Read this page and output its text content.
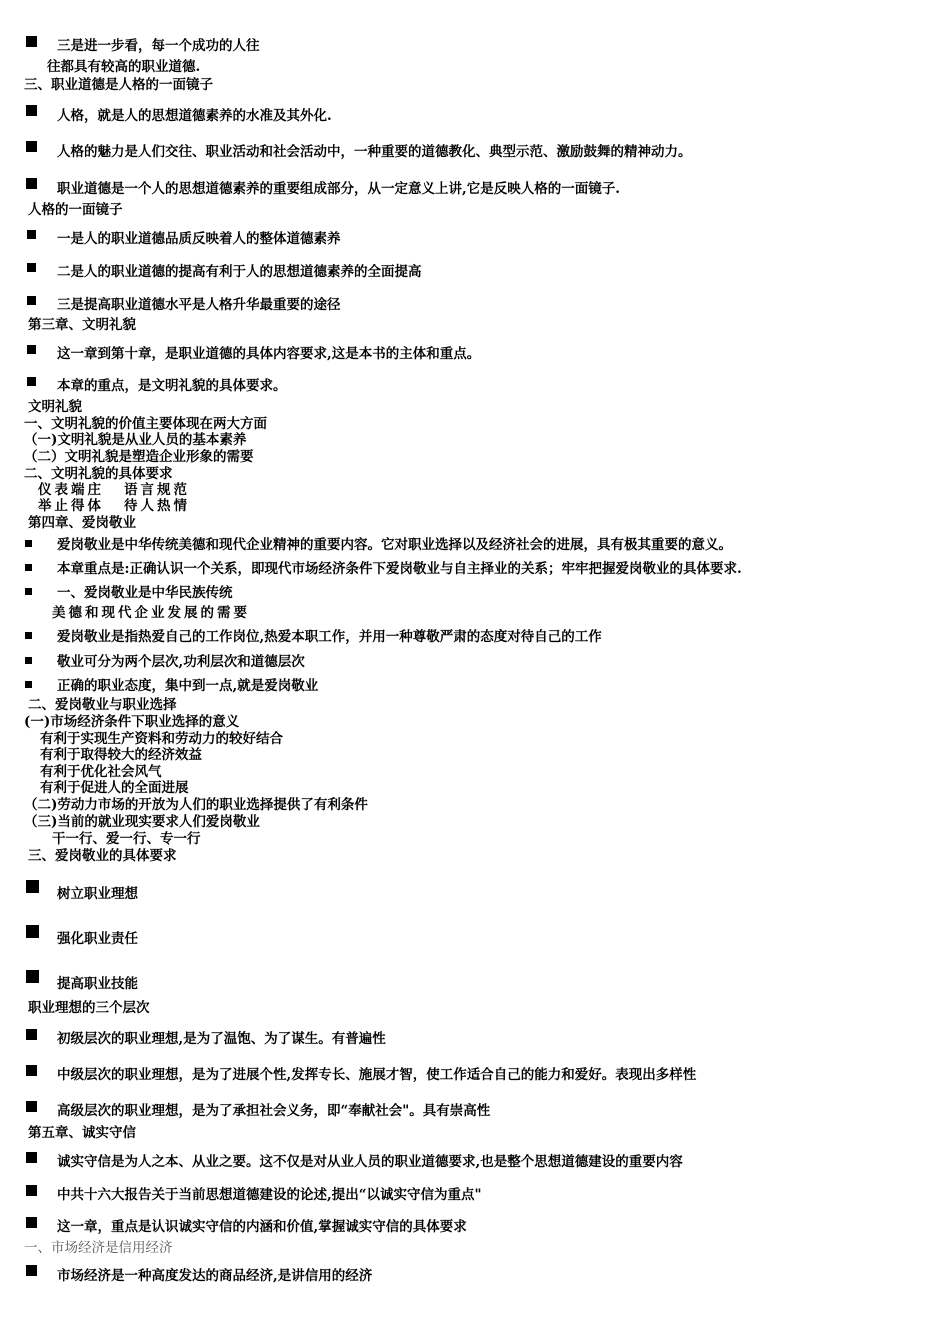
三是进一步看，每一个成功的人往
往都具有较高的职业道德.
三、职业道德是人格的一面镜子
人格，就是人的思想道德素养的水准及其外化.
人格的魅力是人们交往、职业活动和社会活动中，一种重要的道德教化、典型示范、激励鼓舞的精神动力。
职业道德是一个人的思想道德素养的重要组成部分，从一定意义上讲,它是反映人格的一面镜子.
人格的一面镜子
一是人的职业道德品质反映着人的整体道德素养
二是人的职业道德的提高有利于人的思想道德素养的全面提高
三是提高职业道德水平是人格升华最重要的途径
第三章、文明礼貌
这一章到第十章，是职业道德的具体内容要求,这是本书的主体和重点。
本章的重点，是文明礼貌的具体要求。
文明礼貌
一、文明礼貌的价值主要体现在两大方面
（一)文明礼貌是从业人员的基本素养
（二）文明礼貌是塑造企业形象的需要
二、文明礼貌的具体要求
仪表端庄 语言规范
举止得体 待人热情
第四章、爱岗敬业
爱岗敬业是中华传统美德和现代企业精神的重要内容。它对职业选择以及经济社会的进展，具有极其重要的意义。
本章重点是:正确认识一个关系，即现代市场经济条件下爱岗敬业与自主择业的关系；牢牢把握爱岗敬业的具体要求.
一、爱岗敬业是中华民族传统
美德和现代企业发展的需要
爱岗敬业是指热爱自己的工作岗位,热爱本职工作，并用一种尊敬严肃的态度对待自己的工作
敬业可分为两个层次,功利层次和道德层次
正确的职业态度，集中到一点,就是爱岗敬业
二、爱岗敬业与职业选择
(一)市场经济条件下职业选择的意义
有利于实现生产资料和劳动力的较好结合
有利于取得较大的经济效益
有利于优化社会风气
有利于促进人的全面进展
（二)劳动力市场的开放为人们的职业选择提供了有利条件
（三)当前的就业现实要求人们爱岗敬业
干一行、爱一行、专一行
三、爱岗敬业的具体要求
树立职业理想
强化职业责任
提高职业技能
职业理想的三个层次
初级层次的职业理想,是为了温饱、为了谋生。有普遍性
中级层次的职业理想，是为了进展个性,发挥专长、施展才智，使工作适合自己的能力和爱好。表现出多样性
高级层次的职业理想，是为了承担社会义务，即“奉献社会"。具有崇高性
第五章、诚实守信
诚实守信是为人之本、从业之要。这不仅是对从业人员的职业道德要求,也是整个思想道德建设的重要内容
中共十六大报告关于当前思想道德建设的论述,提出“以诚实守信为重点"
这一章，重点是认识诚实守信的内涵和价值,掌握诚实守信的具体要求
一、市场经济是信用经济
市场经济是一种高度发达的商品经济,是讲信用的经济
